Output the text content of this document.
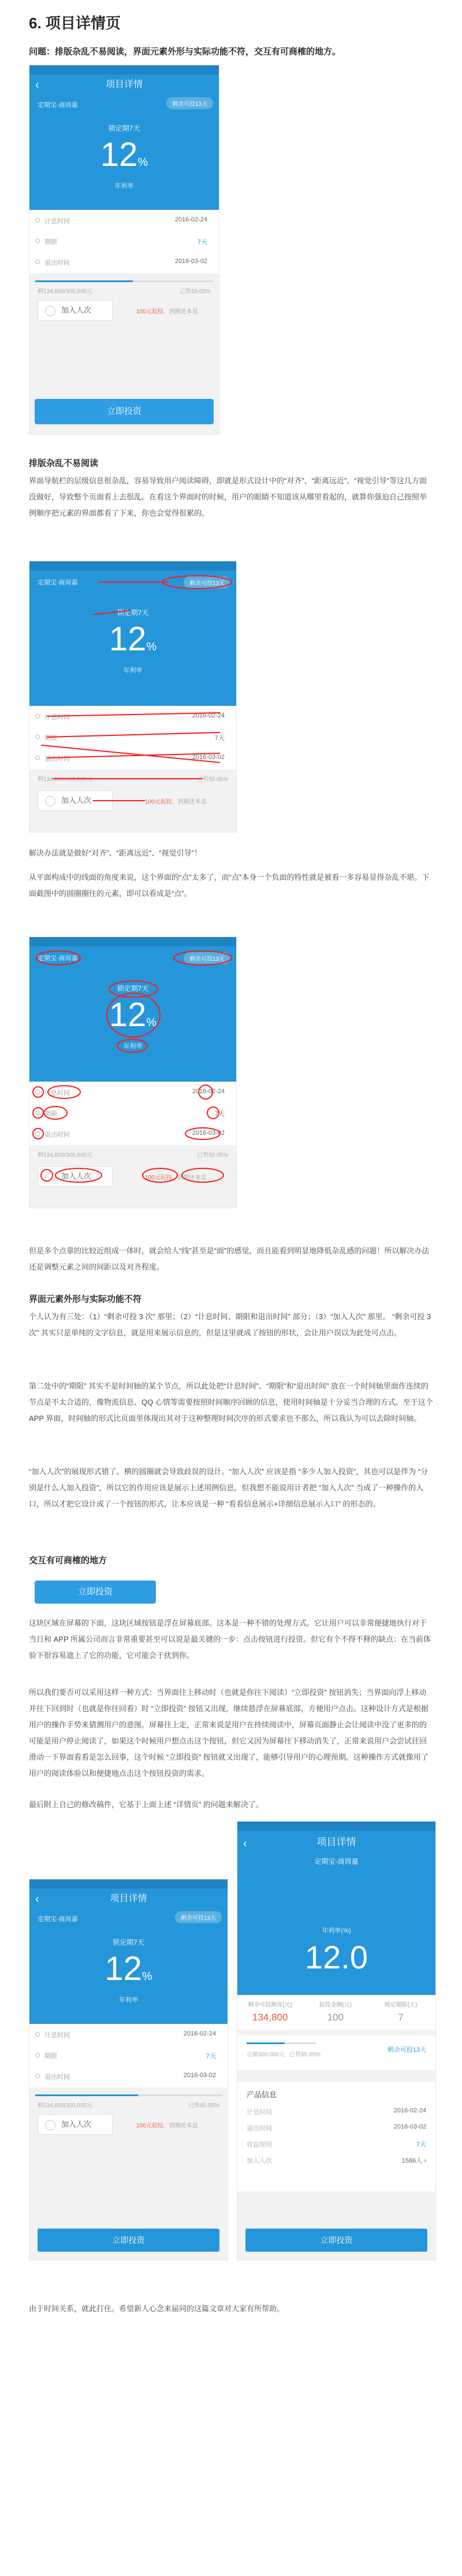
6. 项目详情页
问题：排版杂乱不易阅读，界面元素外形与实际功能不符，交互有可商榷的地方。
‹	项目详情
定期宝-商周嘉	剩余可投13天
锁定期7天
12%
年利率
计息时间	2016-02-24
期限	7天
退出时间	2016-03-02
剩134,800/300,000元	已售55.05%
加入人次	100元起投，到期还本息
立即投资
排版杂乱不易阅读
界面导航栏的层级信息很杂乱，容易导致用户阅读障碍，即就是形式设计中的“对齐”、“距离远近”、“视觉引导”等这几方面没做好，导致整个页面看上去很乱。在看这个界面时的时候，用户的眼睛不知道该从哪里看起的，就算你强迫自己按照举例顺序把元素的界面都看了下来，你也会觉得很累的。
定期宝-商周嘉	剩余可投13天
锁定期7天
12%
年利率
计息时间	2016-02-24
期限	7天
退出时间	2016-03-02
剩134,800/300,000元	已售55.05%
加入人次	100元起投，到期还本息
解决办法就是做好“对齐”、“距离远近”、“视觉引导”！
从平面构成中的线面的角度来说，这个界面的“点”太多了，而“点”本身一个负面的特性就是被看一多容易显得杂乱不堪。下面截图中的圆圈圈住的元素，即可以看成是“点”。
定期宝-商周嘉	剩余可投13天
锁定期7天
12%
年利率
计息时间	2016-02-24
期限	7天
退出时间	2016-03-02
剩134,800/300,000元	已售55.05%
加入人次	100元起投，到期还本息
但是多个点靠的比较近组成一体时，就会给人“线”甚至是“面”的感觉，而且能看到明显地降低杂乱感的问题！所以解决办法还是调整元素之间的间距以及对齐程度。
界面元素外形与实际功能不符
个人认为有三处：（1）“剩余可投 3 次” 那里；（2）“计息时间、期限和退出时间” 部分；（3）“加入人次” 那里。 “剩余可投 3 次” 其实只是单纯的文字信息，就是用来展示信息的，但是这里就成了按钮的形状，会让用户误以为此处可点击。
第二处中的“期限” 其实不是时间轴的某个节点，所以此处把“计息时间”、“期限”和“退出时间” 放在一个时间轴里面作连续的节点是不太合适的，像物流信息、QQ 心情等需要按照时间顺序回顾的信息，使用时间轴是十分妥当合理的方式。至于这个 APP 界面，时间轴的形式比页面里体现出其对于这种整理时间次序的形式要求也不那么，所以我认为可以去除时间轴。
“加入人次”的展现形式错了。横的圆圈就会导致歧误的设计。“加入人次” 应该是指 “多少人加入投资”，其也可以是伴为 “分别是什么人加入投资”，所以它的作用应该是展示上述用例信息，但我想不能说用计者把 “加入人次” 当成了一种操作的入口，所以才把它设计成了一个按钮的形式，让本应该是一种 “看看信息展示+详细信息展示入口” 的形态的。
交互有可商榷的地方
立即投资
这块区域在屏幕的下面，这块区域按钮是浮在屏幕底部。这本是一种不错的处理方式。它让用户可以非常便捷地执行对于当日和 APP 所属公司而言非常重要甚至可以说是最关键的一步：点击按钮进行投资。但它有个不得不释的缺点：在当前体验下很容易遮上了它的功能，它可能会干扰到你。
所以我们要否可以采用这样一种方式：当界面往上移动时（也就是你往下阅读）“立即投资” 按钮消失；当界面向浮上移动并往下回到时（也就是你往回看）时 “立即投资” 按钮又出现，继续悬浮在屏幕底部，方便用户点击。这种设计方式是根据用户的操作手势来猜测用户的意图。屏幕往上走，正常来说是用户在持续阅读中，屏幕页面静止会让阅读中没了更多的的可能是用户停止阅读了，如果这个时候用户想点击这个按钮，但它又因为屏幕往下移动消失了，正常来说用户会尝试往回滑动一下界面看看是怎么回事，这个时候 “立即投资” 按钮就又出现了，能够引导用户的心理预期。这种操作方式就像用了用户的阅读体验以和便捷地点击这个按钮投资的需求。
最后附上自己的修改稿件，它基于上面上述 “详情页” 的问题来解决了。
‹	项目详情
定期宝-商周嘉	剩余可投13天
锁定期7天
12%
年利率
计息时间	2016-02-24
期限	7天
退出时间	2016-03-02
剩134,800/300,000元	已售55.05%
加入人次	100元起投，到期还本息
立即投资
‹	项目详情
定期宝-商周嘉
年利率(%)
12.0
剩余可投额度(元)
134,800
起投金额(元)
100
锁定期限(天)
7
总额300,000元 已售55.05%
剩余可投13天
产品信息
计息时间	2016-02-24
退出时间	2016-03-02
收益规则	7天
加入人次	1586人 ›
立即投资
由于时间关系，就此打住。希望新人心念来届同的这篇文章对大家有所帮助。
